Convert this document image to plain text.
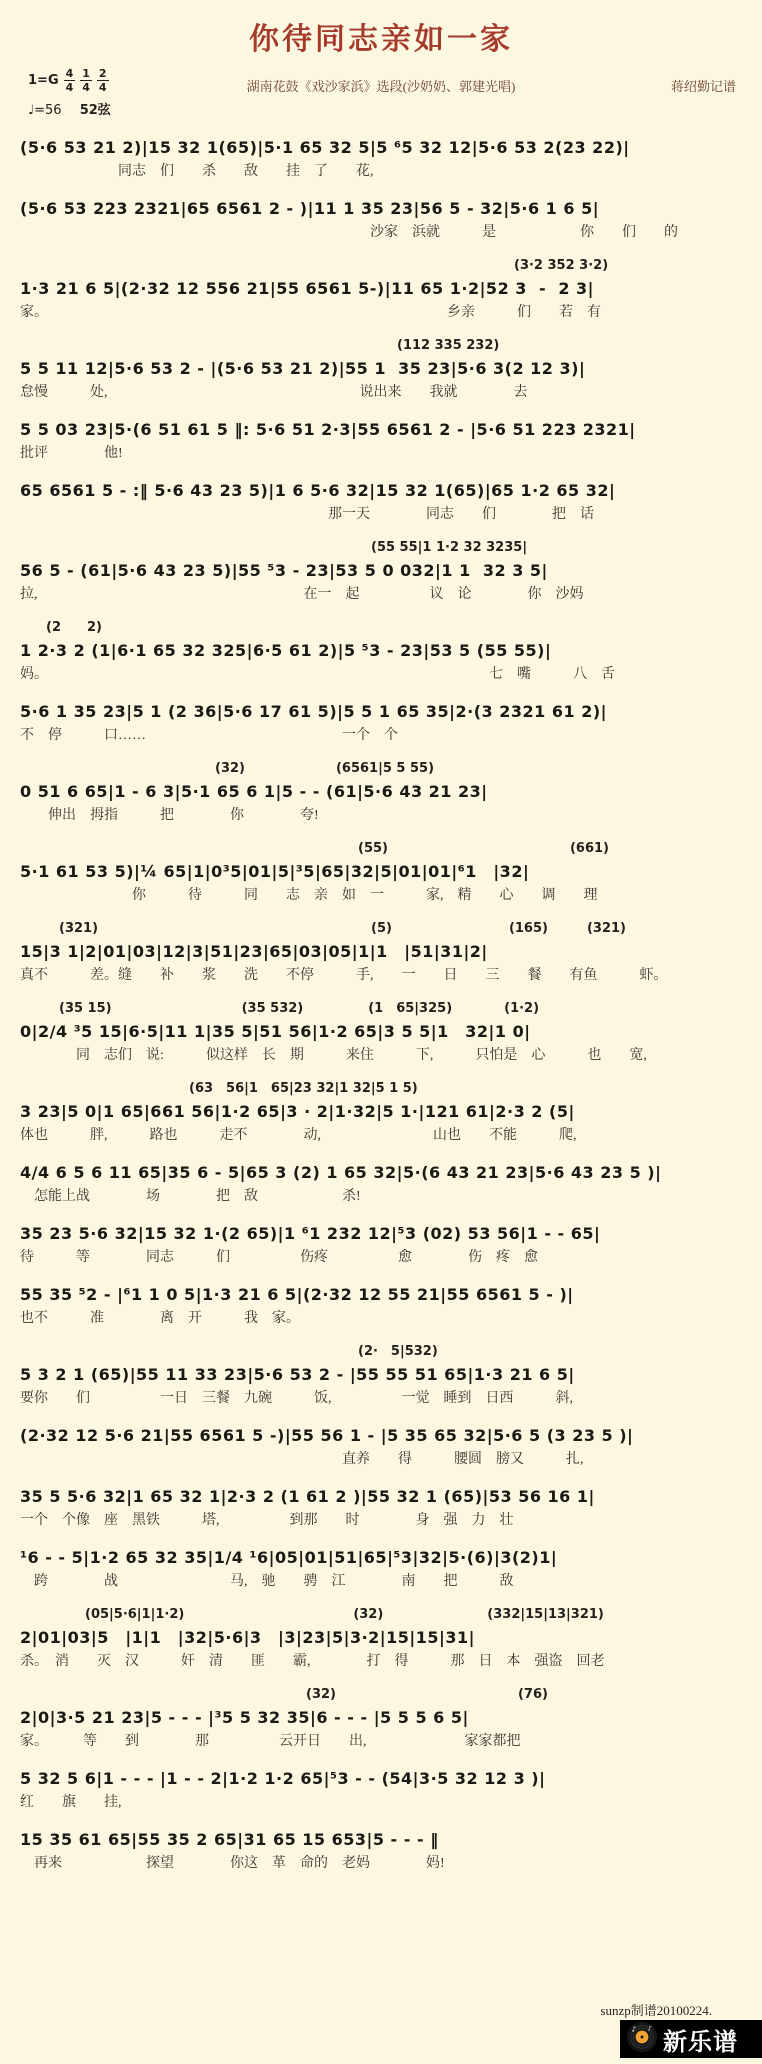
你待同志亲如一家
$1=G \frac{4}{4} \frac{1}{4} \frac{2}{4}$
♩=56 52弦
湖南花鼓《戏沙家浜》选段(沙奶奶、郭建光唱)	蒋绍勤记谱
(5·6 53 21 2)|15 32 1(65)|5·1 65 32 5|5 ⁶5 32 12|5·6 53 2(23 22)|
　　　　　　　同志　们　　杀　　敌　　挂　了　　花,
(5·6 53 223 2321|65 6561 2 - )|11 1 35 23|56 5 - 32|5·6 1 6 5|
　　　　　　　　　　　　　　　　　　　　　　　　　沙家　浜就　　　是　　　　　　你　　们　　的
　　　　　　　　　　　　　　　　　　　　　　　　　　　　　　　　　　　　　　(3·2 352 3·2)
1·3 21 6 5|(2·32 12 556 21|55 6561 5-)|11 65 1·2|52 3  -  2 3|
家。　　　　　　　　　　　　　　　　　　　　　　　　　　　　　乡亲　　　们　　若　有
　　　　　　　　　　　　　　　　　　　　　　　　　　　　　(112 335 232)
5 5 11 12|5·6 53 2 - |(5·6 53 21 2)|55 1  35 23|5·6 3(2 12 3)|
怠慢　　　处,　　　　　　　　　　　　　　　　　　说出来　　我就　　　　去
5 5 03 23|5·(6 51 61 5 ‖: 5·6 51 2·3|55 6561 2 - |5·6 51 223 2321|
批评　　　　他!
65 6561 5 - :‖ 5·6 43 23 5)|1 6 5·6 32|15 32 1(65)|65 1·2 65 32|
　　　　　　　　　　　　　　　　　　　　　　那一天　　　　同志　　们　　　　把　话
　　　　　　　　　　　　　　　　　　　　　　　　　　　(55 55|1 1·2 32 3235|
56 5 - (61|5·6 43 23 5)|55 ⁵3 - 23|53 5 0 032|1 1  32 3 5|
拉,　　　　　　　　　　　　　　　　　　　在一　起　　　　　议　论　　　　你　沙妈
　　(2　　2)
1 2·3 2 (1|6·1 65 32 325|6·5 61 2)|5 ⁵3 - 23|53 5 (55 55)|
妈。　　　　　　　　　　　　　　　　　　　　　　　　　　　　　　　　七　嘴　　　八　舌
5·6 1 35 23|5 1 (2 36|5·6 17 61 5)|5 5 1 65 35|2·(3 2321 61 2)|
不　停　　　口……　　　　　　　　　　　　　　一个　个
　　　　　　　　　　　　　　　(32)　　　　　　　(6561|5 5 55)
0 51 6 65|1 - 6 3|5·1 65 6 1|5 - - (61|5·6 43 21 23|
　　伸出　拇指　　　把　　　　你　　　　夸!
　　　　　　　　　　　　　　　　　　　　　　　　　　(55)　　　　　　　　　　　　　　(661)
5·1 61 53 5)|¼ 65|1|0³5|01|5|³5|65|32|5|01|01|⁶1　|32|
　　　　　　　　你　　　待　　　同　　志　亲　如　一　　　家,　精　　心　　调　　理
　　　(321)　　　　　　　　　　　　　　　　　　　　　(5)　　　　　　　　　(165)　　　(321)
15|3 1|2|01|03|12|3|51|23|65|03|05|1|1　|51|31|2|
真不　　　差。缝　　补　　浆　　洗　　不停　　　手,　　一　　日　　三　　餐　　有鱼　　　虾。
　　　(35 15)　　　　　　　　　　(35 532)　　　　　(1　65|325)　　　　(1·2)
0|2/4 ³5 15|6·5|11 1|35 5|51 56|1·2 65|3 5 5|1　32|1 0|
　　　　同　志们　说:　　　似这样　长　期　　　来住　　　下,　　　只怕是　心　　　也　　宽,
　　　　　　　　　　　　　(63　56|1　65|23 32|1 32|5 1 5)
3 23|5 0|1 65|661 56|1·2 65|3 · 2|1·32|5 1·|121 61|2·3 2 (5|
体也　　　胖,　　　路也　　　走不　　　　动,　　　　　　　　山也　　不能　　　爬,
4/4 6 5 6 11 65|35 6 - 5|65 3 (2) 1 65 32|5·(6 43 21 23|5·6 43 23 5 )|
　怎能上战　　　　场　　　　把　敌　　　　　　杀!
35 23 5·6 32|15 32 1·(2 65)|1 ⁶1 232 12|⁵3 (02) 53 56|1 - - 65|
待　　　等　　　　同志　　　们　　　　　伤疼　　　　　愈　　　　伤　疼　愈
55 35 ⁵2 - |⁶1 1 0 5|1·3 21 6 5|(2·32 12 55 21|55 6561 5 - )|
也不　　　准　　　　离　开　　　我　家。
　　　　　　　　　　　　　　　　　　　　　　　　　　(2·　5|532)
5 3 2 1 (65)|55 11 33 23|5·6 53 2 - |55 55 51 65|1·3 21 6 5|
要你　　们　　　　　一日　三餐　九碗　　　饭,　　　　　一觉　睡到　日西　　　斜,
(2·32 12 5·6 21|55 6561 5 -)|55 56 1 - |5 35 65 32|5·6 5 (3 23 5 )|
　　　　　　　　　　　　　　　　　　　　　　　直养　　得　　　腰圆　膀又　　　扎,
35 5 5·6 32|1 65 32 1|2·3 2 (1 61 2 )|55 32 1 (65)|53 56 16 1|
一个　个像　座　黑铁　　　塔,　　　　　到那　　时　　　　身　强　力　壮
¹6 - - 5|1·2 65 32 35|1/4 ¹6|05|01|51|65|⁵3|32|5·(6)|3(2)1|
　跨　　　　战　　　　　　　　马,　驰　　骋　江　　　　南　　把　　　敌
　　　　　(05|5·6|1|1·2)　　　　　　　　　　　　　(32)　　　　　　　　(332|15|13|321)
2|01|03|5　|1|1　|32|5·6|3　|3|23|5|3·2|15|15|31|
杀。　消　　灭　汉　　　奸　清　　匪　　霸,　　　　打　得　　　那　日　本　强盗　回老
　　　　　　　　　　　　　　　　　　　　　　(32)　　　　　　　　　　　　　　(76)
2|0|3·5 21 23|5 - - - |³5 5 32 35|6 - - - |5 5 5 6 5|
家。　　　等　　到　　　　那　　　　　云开日　　出,　　　　　　　家家都把
5 32 5 6|1 - - - |1 - - 2|1·2 1·2 65|⁵3 - - (54|3·5 32 12 3 )|
红　　旗　　挂,
15 35 61 65|55 35 2 65|31 65 15 653|5 - - - ‖
　再来　　　　　　探望　　　　你这　革　命的　老妈　　　　妈!
sunzp制谱20100224.
♪ ♪ 新乐谱
